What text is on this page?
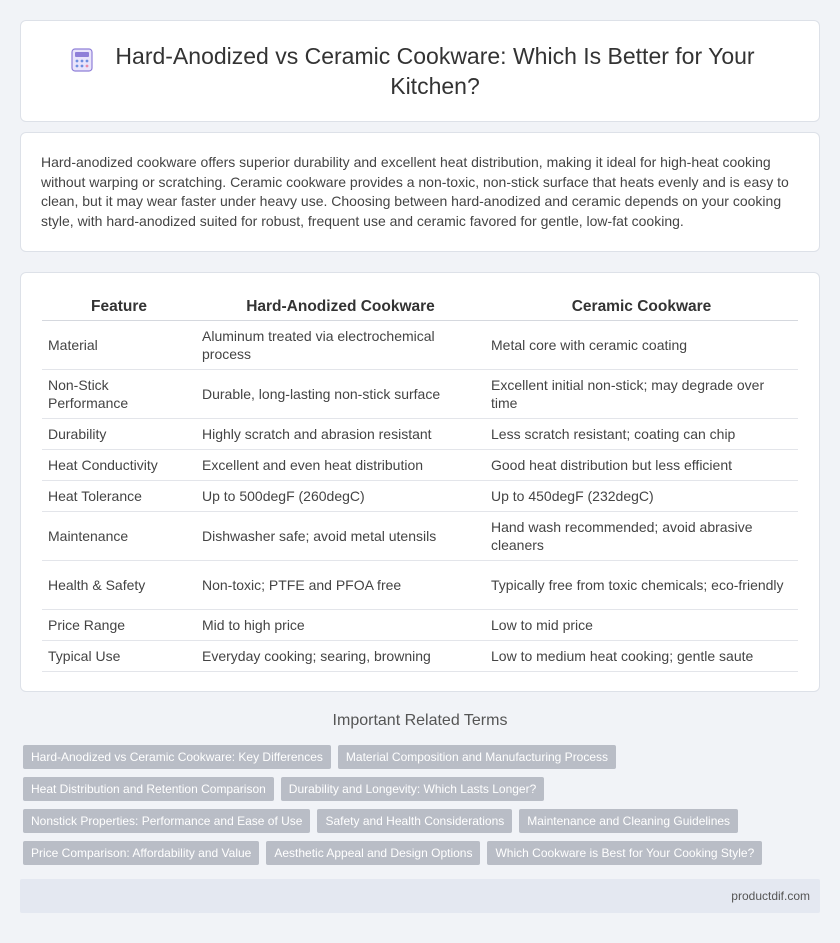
Hard-Anodized vs Ceramic Cookware: Which Is Better for Your Kitchen?

Hard-anodized cookware offers superior durability and excellent heat distribution, making it ideal for high-heat cooking without warping or scratching. Ceramic cookware provides a non-toxic, non-stick surface that heats evenly and is easy to clean, but it may wear faster under heavy use. Choosing between hard-anodized and ceramic depends on your cooking style, with hard-anodized suited for robust, frequent use and ceramic favored for gentle, low-fat cooking.

Feature	Hard-Anodized Cookware	Ceramic Cookware
Material	Aluminum treated via electrochemical process	Metal core with ceramic coating
Non-Stick Performance	Durable, long-lasting non-stick surface	Excellent initial non-stick; may degrade over time
Durability	Highly scratch and abrasion resistant	Less scratch resistant; coating can chip
Heat Conductivity	Excellent and even heat distribution	Good heat distribution but less efficient
Heat Tolerance	Up to 500degF (260degC)	Up to 450degF (232degC)
Maintenance	Dishwasher safe; avoid metal utensils	Hand wash recommended; avoid abrasive cleaners
Health & Safety	Non-toxic; PTFE and PFOA free	Typically free from toxic chemicals; eco-friendly
Price Range	Mid to high price	Low to mid price
Typical Use	Everyday cooking; searing, browning	Low to medium heat cooking; gentle saute
Important Related Terms
Hard-Anodized vs Ceramic Cookware: Key Differences	Material Composition and Manufacturing Process
Heat Distribution and Retention Comparison	Durability and Longevity: Which Lasts Longer?
Nonstick Properties: Performance and Ease of Use	Safety and Health Considerations	Maintenance and Cleaning Guidelines
Price Comparison: Affordability and Value	Aesthetic Appeal and Design Options	Which Cookware is Best for Your Cooking Style?
productdif.com
